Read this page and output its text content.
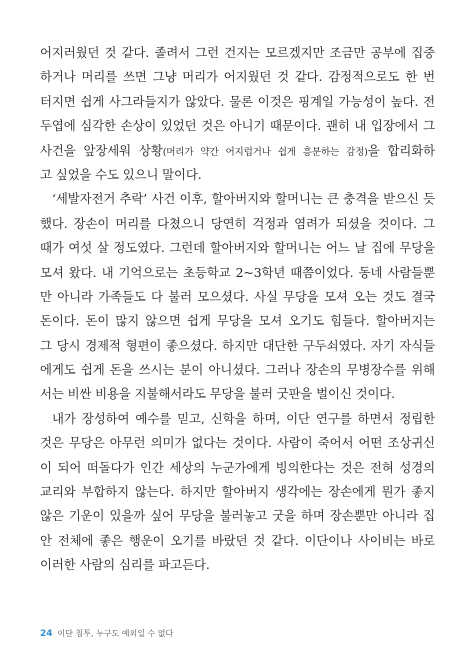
어지러웠던 것 같다. 졸려서 그런 건지는 모르겠지만 조금만 공부에 집중
하거나 머리를 쓰면 그냥 머리가 어지웠던 것 같다. 감정적으로도 한 번
터지면 쉽게 사그라들지가 않았다. 물론 이것은 핑계일 가능성이 높다. 전
두엽에 심각한 손상이 있었던 것은 아니기 때문이다. 괜히 내 입장에서 그
사건을 앞장세워 상황(머리가 약간 어지럽거나 쉽게 흥분하는 감정)을 합리화하
고 싶었을 수도 있으니 말이다.
‘세발자전거 추락’ 사건 이후, 할아버지와 할머니는 큰 충격을 받으신 듯
했다. 장손이 머리를 다쳤으니 당연히 걱정과 염려가 되셨을 것이다. 그
때가 여섯 살 정도였다. 그런데 할아버지와 할머니는 어느 날 집에 무당을
모셔 왔다. 내 기억으로는 초등학교 2~3학년 때쯤이었다. 동네 사람들뿐
만 아니라 가족들도 다 불러 모으셨다. 사실 무당을 모셔 오는 것도 결국
돈이다. 돈이 많지 않으면 쉽게 무당을 모셔 오기도 힘들다. 할아버지는
그 당시 경제적 형편이 좋으셨다. 하지만 대단한 구두쇠였다. 자기 자식들
에게도 쉽게 돈을 쓰시는 분이 아니셨다. 그러나 장손의 무병장수를 위해
서는 비싼 비용을 지불해서라도 무당을 불러 굿판을 벌이신 것이다.
내가 장성하여 예수를 믿고, 신학을 하며, 이단 연구를 하면서 정립한
것은 무당은 아무런 의미가 없다는 것이다. 사람이 죽어서 어떤 조상귀신
이 되어 떠돌다가 인간 세상의 누군가에게 빙의한다는 것은 전혀 성경의
교리와 부합하지 않는다. 하지만 할아버지 생각에는 장손에게 뭔가 좋지
않은 기운이 있을까 싶어 무당을 불러놓고 굿을 하며 장손뿐만 아니라 집
안 전체에 좋은 행운이 오기를 바랐던 것 같다. 이단이나 사이비는 바로
이러한 사람의 심리를 파고든다.
24 이단 침투, 누구도 예외일 수 없다
